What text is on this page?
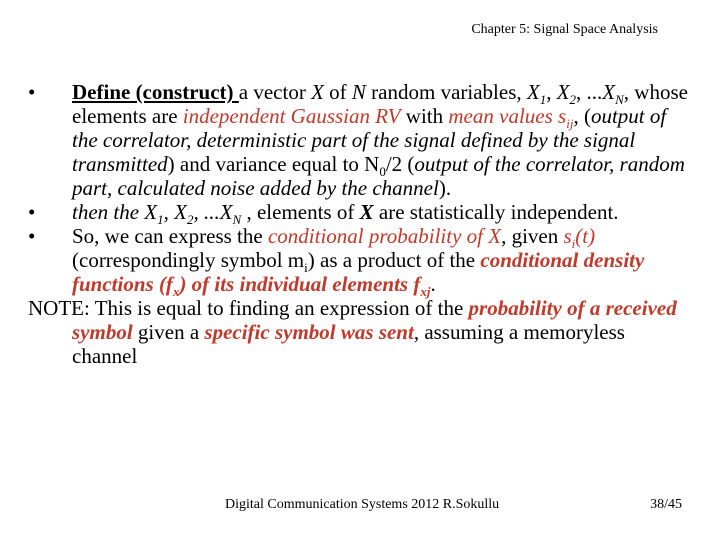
Chapter 5: Signal Space Analysis
•	Define (construct) a vector X of N random variables, $X_1$, $X_2$, $...X_N$, whose elements are independent Gaussian RV with mean values $s_{ij}$, (output of the correlator, deterministic part of the signal defined by the signal transmitted) and variance equal to $N_0/2$ (output of the correlator, random part, calculated noise added by the channel).
•	then the $X_1$, $X_2$, $...X_N$ , elements of X are statistically independent.
•	So, we can express the conditional probability of X, given $s_i(t)$ (correspondingly symbol $m_i$) as a product of the conditional density functions $(f_x)$ of its individual elements $f_{xj}$.
NOTE: This is equal to finding an expression of the probability of a received symbol given a specific symbol was sent, assuming a memoryless channel
Digital Communication Systems 2012 R.Sokullu	38/45
